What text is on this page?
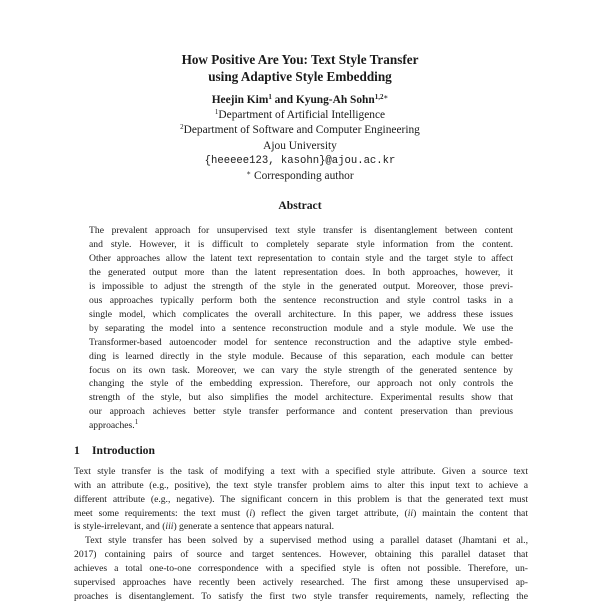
How Positive Are You: Text Style Transfer
using Adaptive Style Embedding
Heejin Kim$^1$ and Kyung-Ah Sohn$^{1,2∗}$
$^1$Department of Artificial Intelligence
$^2$Department of Software and Computer Engineering
Ajou University
{heeeee123, kasohn}@ajou.ac.kr
∗ Corresponding author
Abstract
The prevalent approach for unsupervised text style transfer is disentanglement between content
and style. However, it is difficult to completely separate style information from the content.
Other approaches allow the latent text representation to contain style and the target style to affect
the generated output more than the latent representation does. In both approaches, however, it
is impossible to adjust the strength of the style in the generated output. Moreover, those previ-
ous approaches typically perform both the sentence reconstruction and style control tasks in a
single model, which complicates the overall architecture. In this paper, we address these issues
by separating the model into a sentence reconstruction module and a style module. We use the
Transformer-based autoencoder model for sentence reconstruction and the adaptive style embed-
ding is learned directly in the style module. Because of this separation, each module can better
focus on its own task. Moreover, we can vary the style strength of the generated sentence by
changing the style of the embedding expression. Therefore, our approach not only controls the
strength of the style, but also simplifies the model architecture. Experimental results show that
our approach achieves better style transfer performance and content preservation than previous
approaches.$^1$
1 Introduction
Text style transfer is the task of modifying a text with a specified style attribute. Given a source text
with an attribute (e.g., positive), the text style transfer problem aims to alter this input text to achieve a
different attribute (e.g., negative). The significant concern in this problem is that the generated text must
meet some requirements: the text must (i) reflect the given target attribute, (ii) maintain the content that
is style-irrelevant, and (iii) generate a sentence that appears natural.
Text style transfer has been solved by a supervised method using a parallel dataset (Jhamtani et al.,
2017) containing pairs of source and target sentences. However, obtaining this parallel dataset that
achieves a total one-to-one correspondence with a specified style is often not possible. Therefore, un-
supervised approaches have recently been actively researched. The first among these unsupervised ap-
proaches is disentanglement. To satisfy the first two style transfer requirements, namely, reflecting the
